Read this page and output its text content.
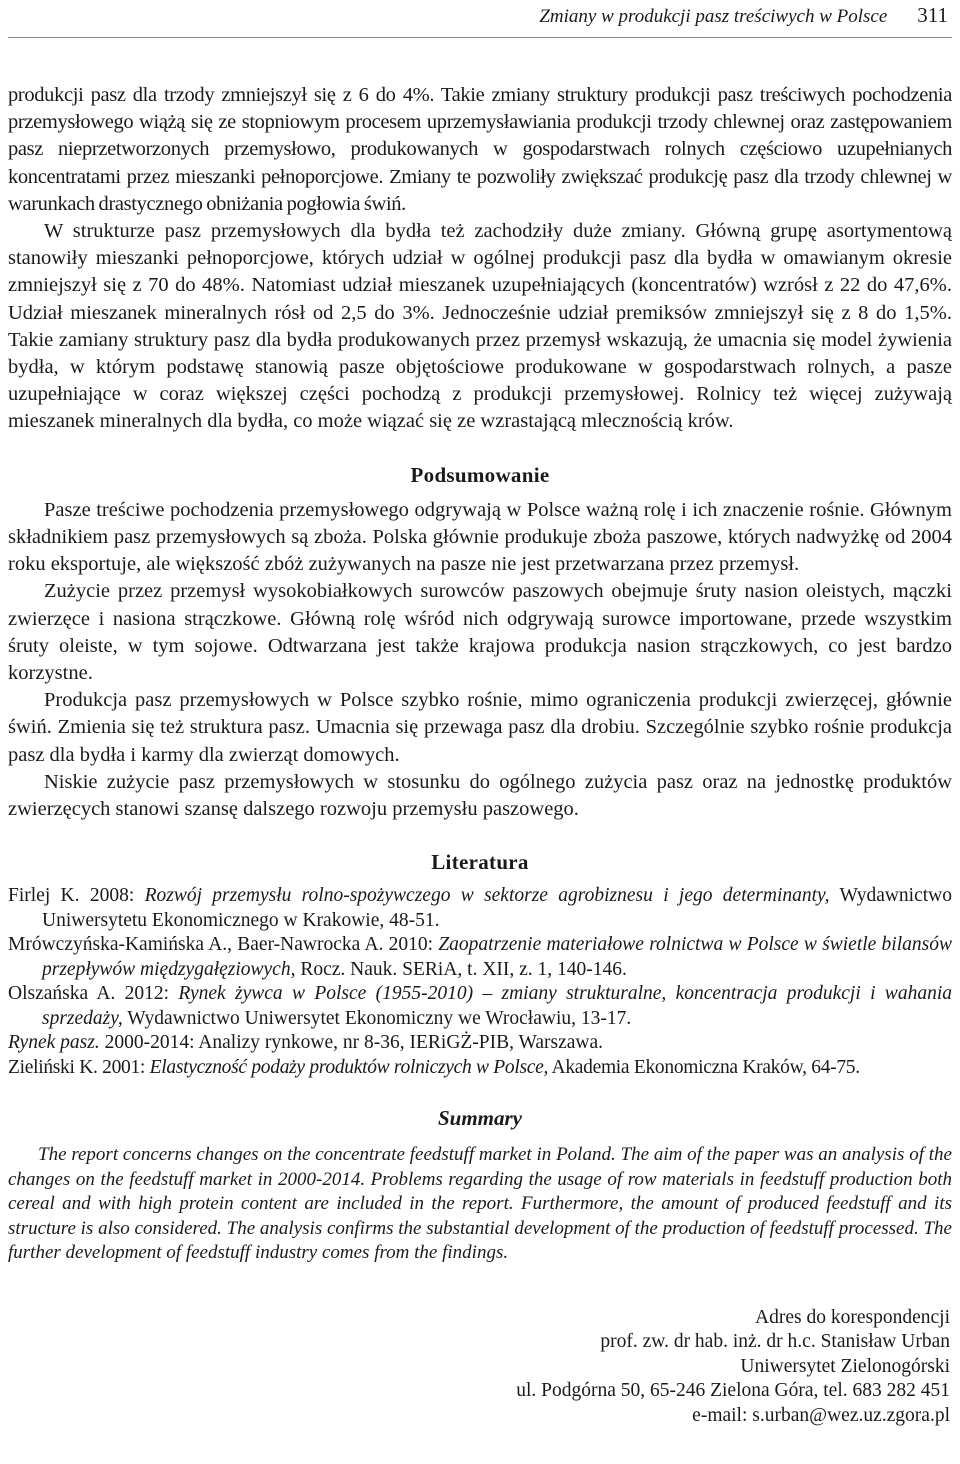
Zmiany w produkcji pasz treściwych w Polsce 311

produkcji pasz dla trzody zmniejszył się z 6 do 4%. Takie zmiany struktury produkcji pasz treściwych pochodzenia przemysłowego wiążą się ze stopniowym procesem uprzemysławiania produkcji trzody chlewnej oraz zastępowaniem pasz nieprzetworzonych przemysłowo, produkowanych w gospodarstwach rolnych częściowo uzupełnianych koncentratami przez mieszanki pełnoporcjowe. Zmiany te pozwoliły zwiększać produkcję pasz dla trzody chlewnej w warunkach drastycznego obniżania pogłowia świń.

W strukturze pasz przemysłowych dla bydła też zachodziły duże zmiany. Główną grupę asortymentową stanowiły mieszanki pełnoporcjowe, których udział w ogólnej produkcji pasz dla bydła w omawianym okresie zmniejszył się z 70 do 48%. Natomiast udział mieszanek uzupełniających (koncentratów) wzrósł z 22 do 47,6%. Udział mieszanek mineralnych rósł od 2,5 do 3%. Jednocześnie udział premiksów zmniejszył się z 8 do 1,5%. Takie zamiany struktury pasz dla bydła produkowanych przez przemysł wskazują, że umacnia się model żywienia bydła, w którym podstawę stanowią pasze objętościowe produkowane w gospodarstwach rolnych, a pasze uzupełniające w coraz większej części pochodzą z produkcji przemysłowej. Rolnicy też więcej zużywają mieszanek mineralnych dla bydła, co może wiązać się ze wzrastającą mlecznością krów.

Podsumowanie

Pasze treściwe pochodzenia przemysłowego odgrywają w Polsce ważną rolę i ich znaczenie rośnie. Głównym składnikiem pasz przemysłowych są zboża. Polska głównie produkuje zboża paszowe, których nadwyżkę od 2004 roku eksportuje, ale większość zbóż zużywanych na pasze nie jest przetwarzana przez przemysł.

Zużycie przez przemysł wysokobiałkowych surowców paszowych obejmuje śruty nasion oleistych, mączki zwierzęce i nasiona strączkowe. Główną rolę wśród nich odgrywają surowce importowane, przede wszystkim śruty oleiste, w tym sojowe. Odtwarzana jest także krajowa produkcja nasion strączkowych, co jest bardzo korzystne.

Produkcja pasz przemysłowych w Polsce szybko rośnie, mimo ograniczenia produkcji zwierzęcej, głównie świń. Zmienia się też struktura pasz. Umacnia się przewaga pasz dla drobiu. Szczególnie szybko rośnie produkcja pasz dla bydła i karmy dla zwierząt domowych.

Niskie zużycie pasz przemysłowych w stosunku do ogólnego zużycia pasz oraz na jednostkę produktów zwierzęcych stanowi szansę dalszego rozwoju przemysłu paszowego.

Literatura

Firlej K. 2008: Rozwój przemysłu rolno-spożywczego w sektorze agrobiznesu i jego determinanty, Wydawnictwo Uniwersytetu Ekonomicznego w Krakowie, 48-51.

Mrówczyńska-Kamińska A., Baer-Nawrocka A. 2010: Zaopatrzenie materiałowe rolnictwa w Polsce w świetle bilansów przepływów międzygałęziowych, Rocz. Nauk. SERiA, t. XII, z. 1, 140-146.

Olszańska A. 2012: Rynek żywca w Polsce (1955-2010) – zmiany strukturalne, koncentracja produkcji i wahania sprzedaży, Wydawnictwo Uniwersytet Ekonomiczny we Wrocławiu, 13-17.

Rynek pasz. 2000-2014: Analizy rynkowe, nr 8-36, IERiGŻ-PIB, Warszawa.

Zieliński K. 2001: Elastyczność podaży produktów rolniczych w Polsce, Akademia Ekonomiczna Kraków, 64-75.

Summary

The report concerns changes on the concentrate feedstuff market in Poland. The aim of the paper was an analysis of the changes on the feedstuff market in 2000-2014. Problems regarding the usage of row materials in feedstuff production both cereal and with high protein content are included in the report. Furthermore, the amount of produced feedstuff and its structure is also considered. The analysis confirms the substantial development of the production of feedstuff processed. The further development of feedstuff industry comes from the findings.

Adres do korespondencji
prof. zw. dr hab. inż. dr h.c. Stanisław Urban
Uniwersytet Zielonogórski
ul. Podgórna 50, 65-246 Zielona Góra, tel. 683 282 451
e-mail: s.urban@wez.uz.zgora.pl
